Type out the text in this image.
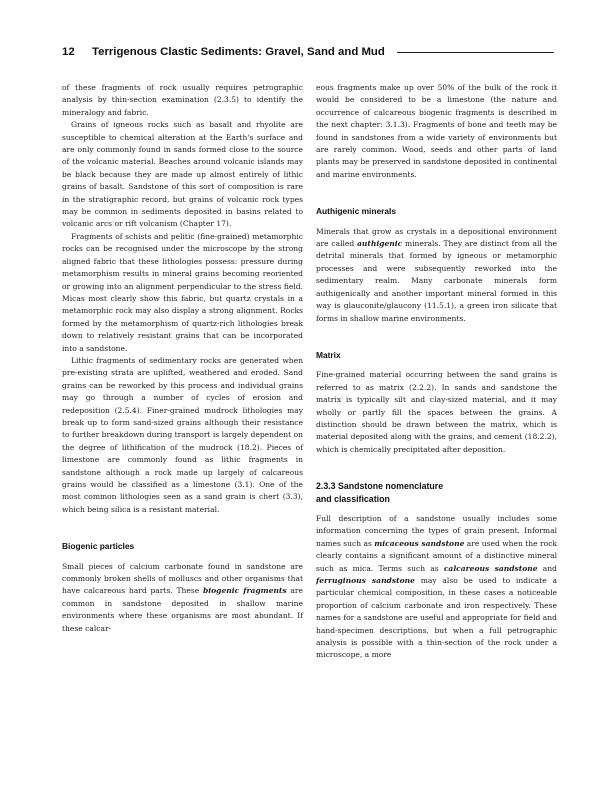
12	Terrigenous Clastic Sediments: Gravel, Sand and Mud

of these fragments of rock usually requires petrographic analysis by thin-section examination (2.3.5) to identify the mineralogy and fabric.

Grains of igneous rocks such as basalt and rhyolite are susceptible to chemical alteration at the Earth's surface and are only commonly found in sands formed close to the source of the volcanic material. Beaches around volcanic islands may be black because they are made up almost entirely of lithic grains of basalt. Sandstone of this sort of composition is rare in the stratigraphic record, but grains of volcanic rock types may be common in sediments deposited in basins related to volcanic arcs or rift volcanism (Chapter 17).

Fragments of schists and pelitic (fine-grained) metamorphic rocks can be recognised under the microscope by the strong aligned fabric that these lithologies possess: pressure during metamorphism results in mineral grains becoming reoriented or growing into an alignment perpendicular to the stress field. Micas most clearly show this fabric, but quartz crystals in a metamorphic rock may also display a strong alignment. Rocks formed by the metamorphism of quartz-rich lithologies break down to relatively resistant grains that can be incorporated into a sandstone.

Lithic fragments of sedimentary rocks are generated when pre-existing strata are uplifted, weathered and eroded. Sand grains can be reworked by this process and individual grains may go through a number of cycles of erosion and redeposition (2.5.4). Finer-grained mudrock lithologies may break up to form sand-sized grains although their resistance to further breakdown during transport is largely dependent on the degree of lithification of the mudrock (18.2). Pieces of limestone are commonly found as lithic fragments in sandstone although a rock made up largely of calcareous grains would be classified as a limestone (3.1). One of the most common lithologies seen as a sand grain is chert (3.3), which being silica is a resistant material.

Biogenic particles

Small pieces of calcium carbonate found in sandstone are commonly broken shells of molluscs and other organisms that have calcareous hard parts. These biogenic fragments are common in sandstone deposited in shallow marine environments where these organisms are most abundant. If these calcar-

eous fragments make up over 50% of the bulk of the rock it would be considered to be a limestone (the nature and occurrence of calcareous biogenic fragments is described in the next chapter: 3.1.3). Fragments of bone and teeth may be found in sandstones from a wide variety of environments but are rarely common. Wood, seeds and other parts of land plants may be preserved in sandstone deposited in continental and marine environments.

Authigenic minerals

Minerals that grow as crystals in a depositional environment are called authigenic minerals. They are distinct from all the detrital minerals that formed by igneous or metamorphic processes and were subsequently reworked into the sedimentary realm. Many carbonate minerals form authigenically and another important mineral formed in this way is glauconite/glaucony (11.5.1), a green iron silicate that forms in shallow marine environments.

Matrix

Fine-grained material occurring between the sand grains is referred to as matrix (2.2.2). In sands and sandstone the matrix is typically silt and clay-sized material, and it may wholly or partly fill the spaces between the grains. A distinction should be drawn between the matrix, which is material deposited along with the grains, and cement (18.2.2), which is chemically precipitated after deposition.

2.3.3 Sandstone nomenclature
and classification

Full description of a sandstone usually includes some information concerning the types of grain present. Informal names such as micaceous sandstone are used when the rock clearly contains a significant amount of a distinctive mineral such as mica. Terms such as calcareous sandstone and ferruginous sandstone may also be used to indicate a particular chemical composition, in these cases a noticeable proportion of calcium carbonate and iron respectively. These names for a sandstone are useful and appropriate for field and hand-specimen descriptions, but when a full petrographic analysis is possible with a thin-section of the rock under a microscope, a more
